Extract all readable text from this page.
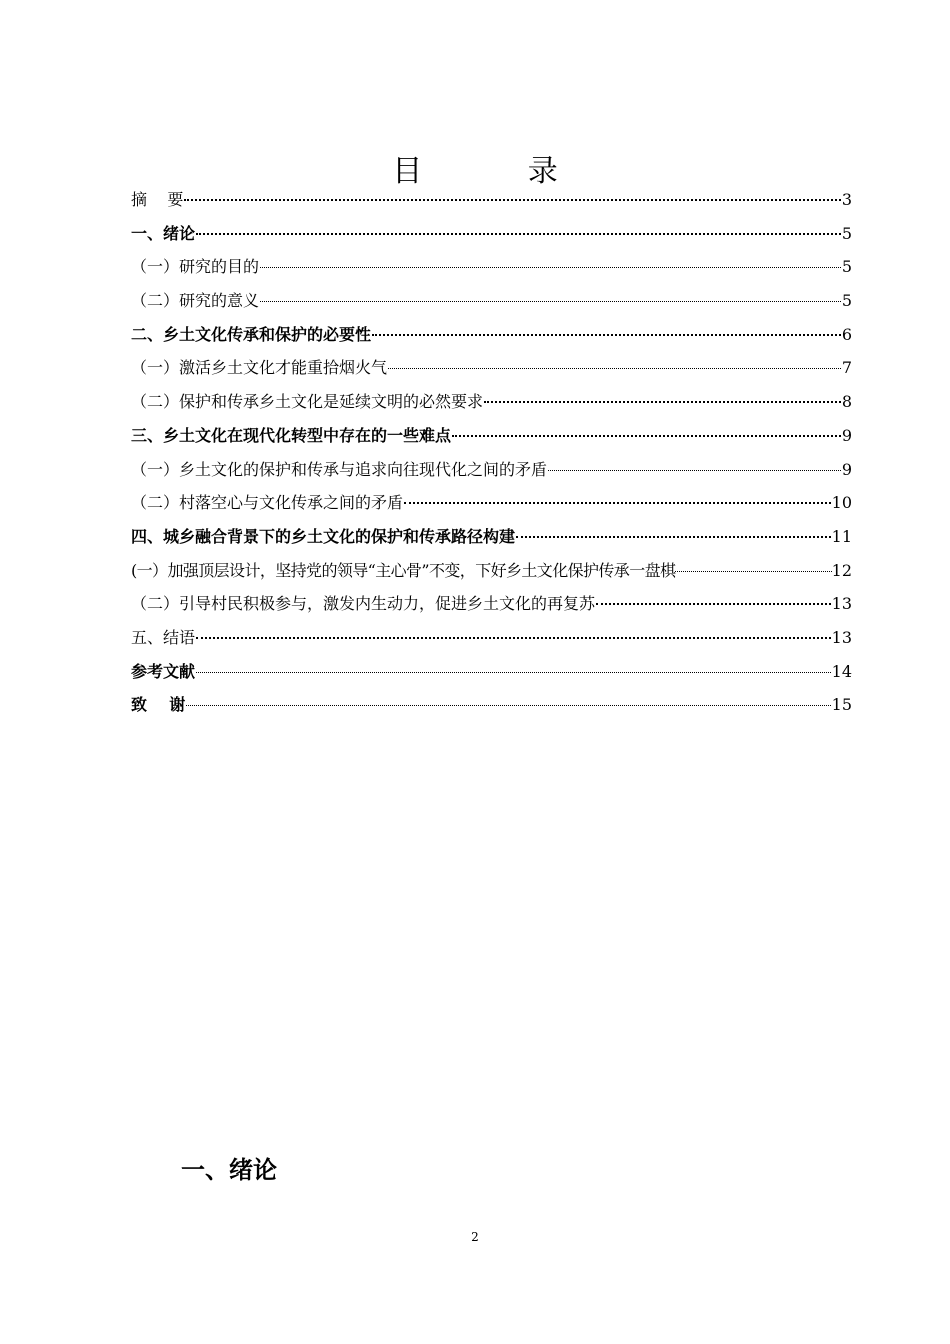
目 录
摘    要	3
一、绪论	5
（一）研究的目的	5
（二）研究的意义	5
二、乡土文化传承和保护的必要性	6
（一）激活乡土文化才能重拾烟火气	7
（二）保护和传承乡土文化是延续文明的必然要求	8
三、乡土文化在现代化转型中存在的一些难点	9
（一）乡土文化的保护和传承与追求向往现代化之间的矛盾	9
（二）村落空心与文化传承之间的矛盾	10
四、城乡融合背景下的乡土文化的保护和传承路径构建	11
(一）加强顶层设计，坚持党的领导“主心骨”不变，下好乡土文化保护传承一盘棋	12
（二）引导村民积极参与，激发内生动力，促进乡土文化的再复苏	13
五、结语	13
参考文献	14
致    谢	15
一、绪论
2
